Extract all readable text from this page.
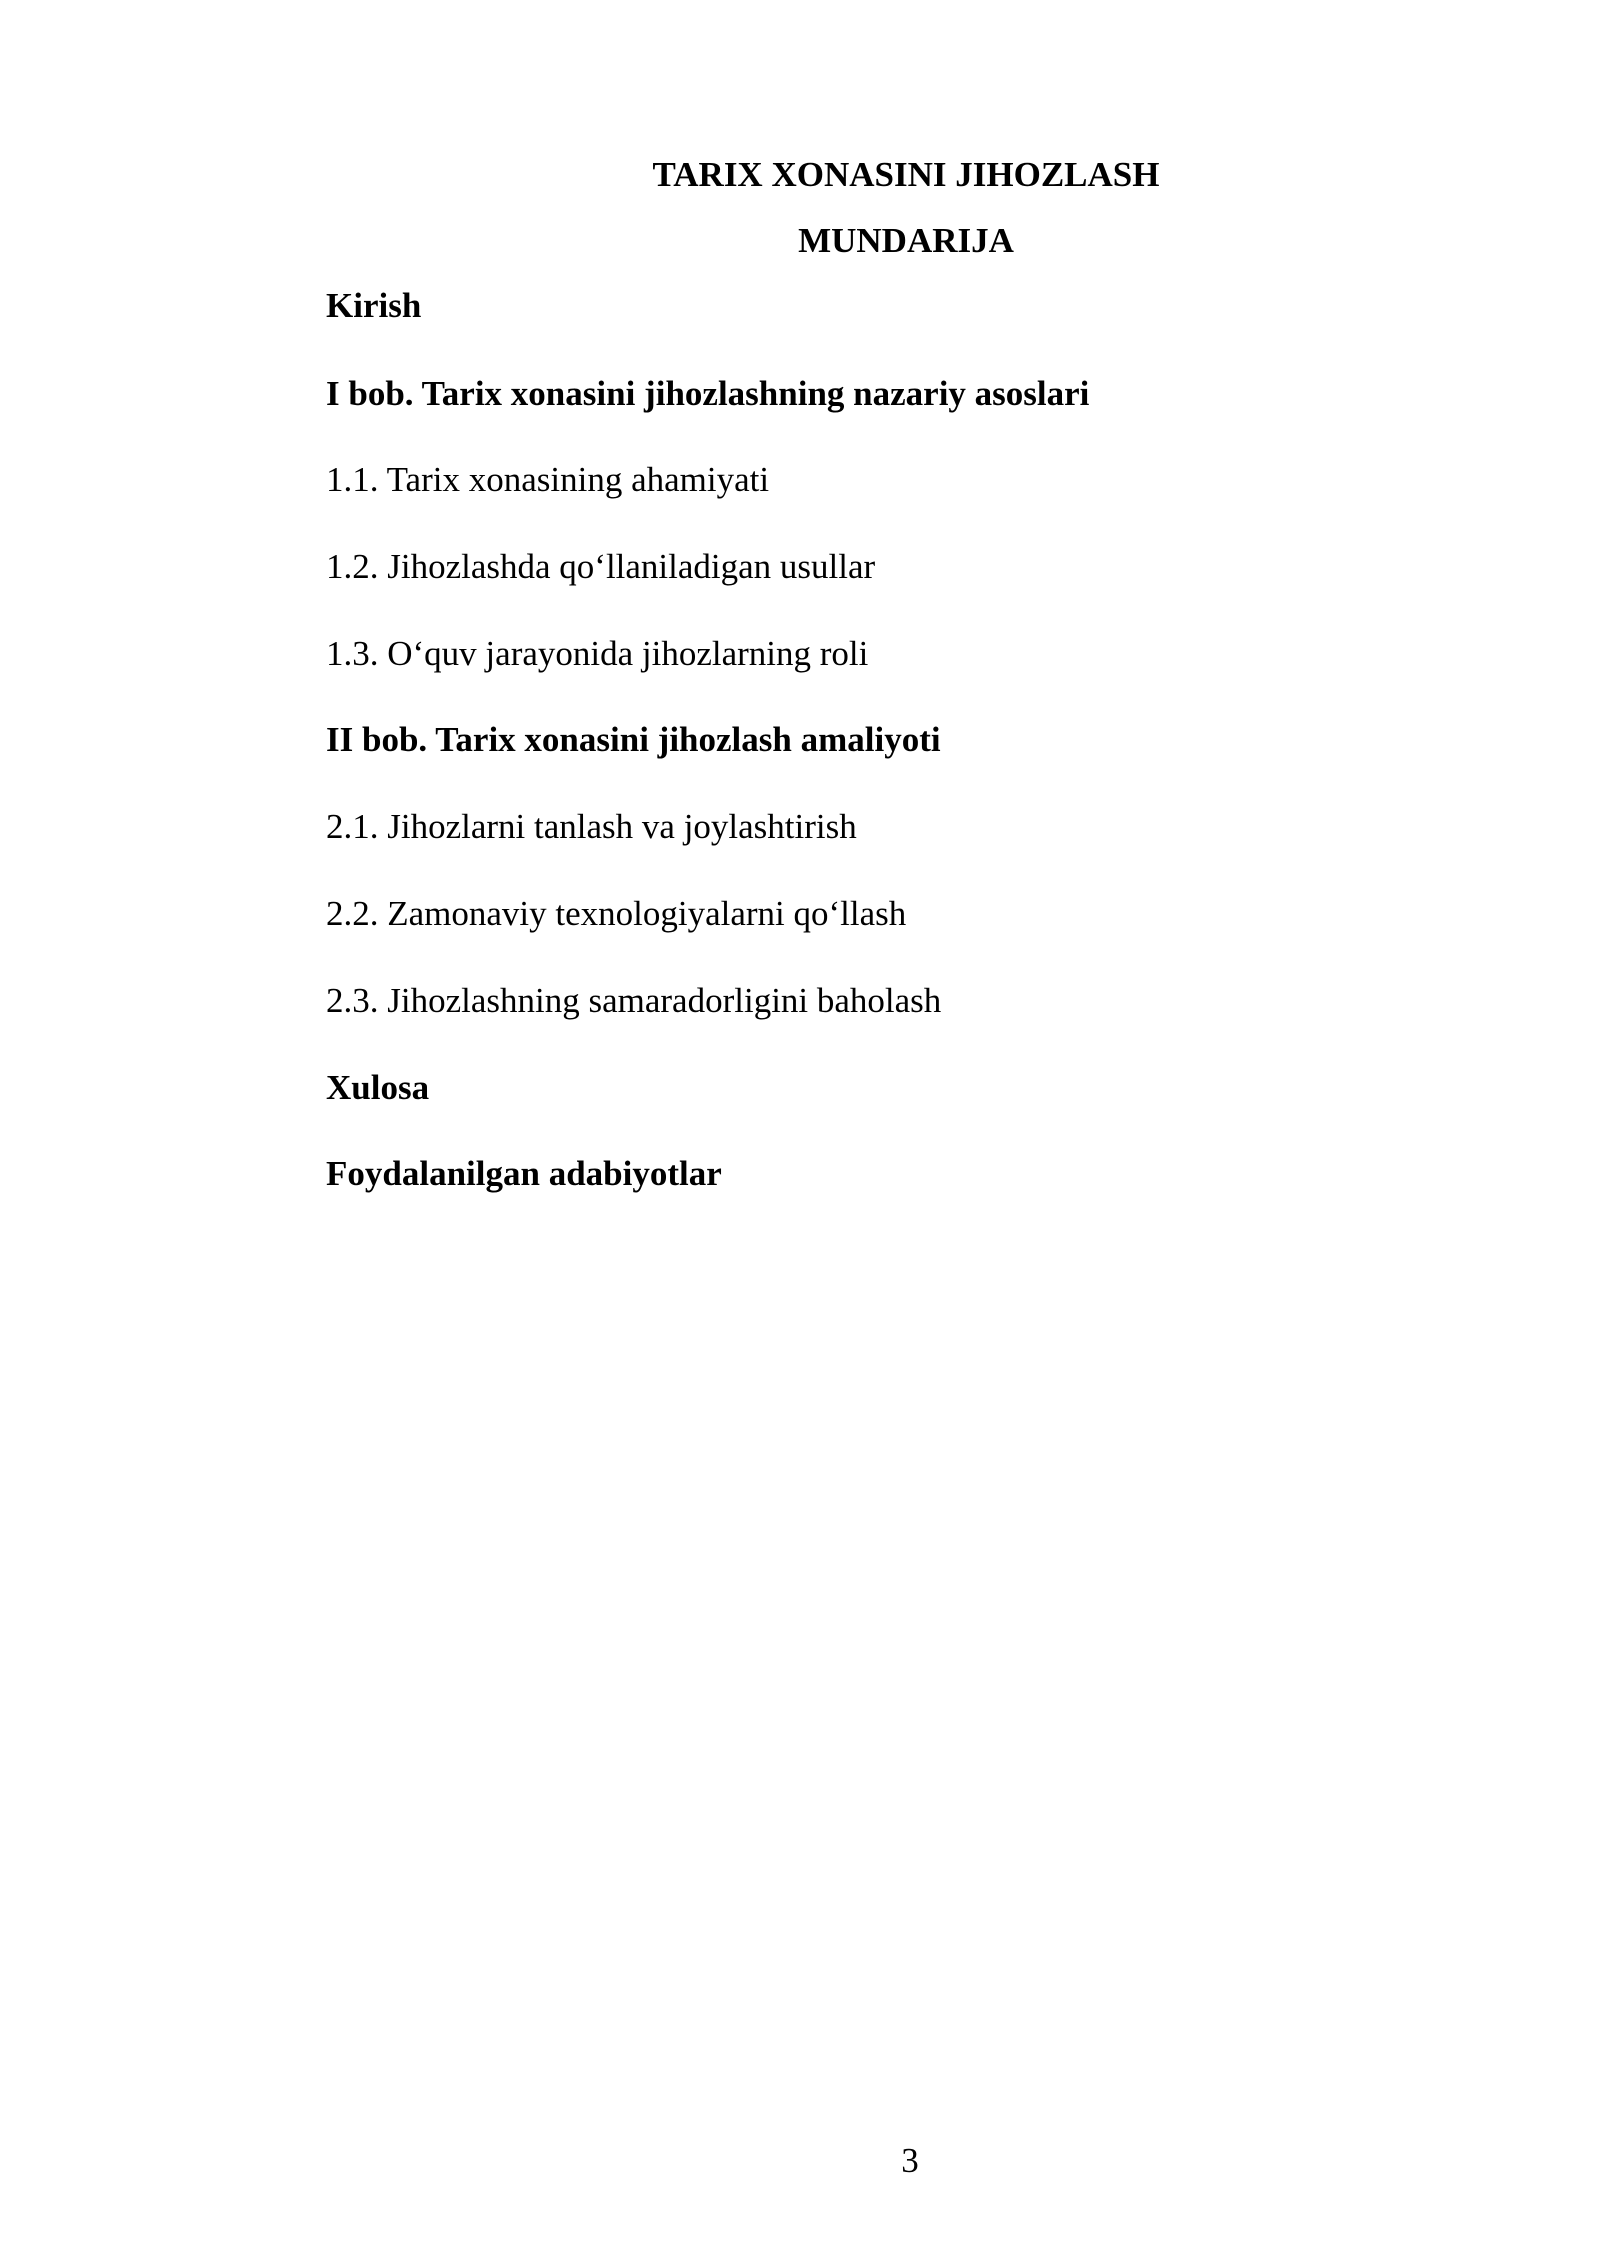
TARIX XONASINI JIHOZLASH
MUNDARIJA
Kirish
I bob. Tarix xonasini jihozlashning nazariy asoslari
1.1. Tarix xonasining ahamiyati
1.2. Jihozlashda qo‘llaniladigan usullar
1.3. O‘quv jarayonida jihozlarning roli
II bob. Tarix xonasini jihozlash amaliyoti
2.1. Jihozlarni tanlash va joylashtirish
2.2. Zamonaviy texnologiyalarni qo‘llash
2.3. Jihozlashning samaradorligini baholash
Xulosa
Foydalanilgan adabiyotlar
3
